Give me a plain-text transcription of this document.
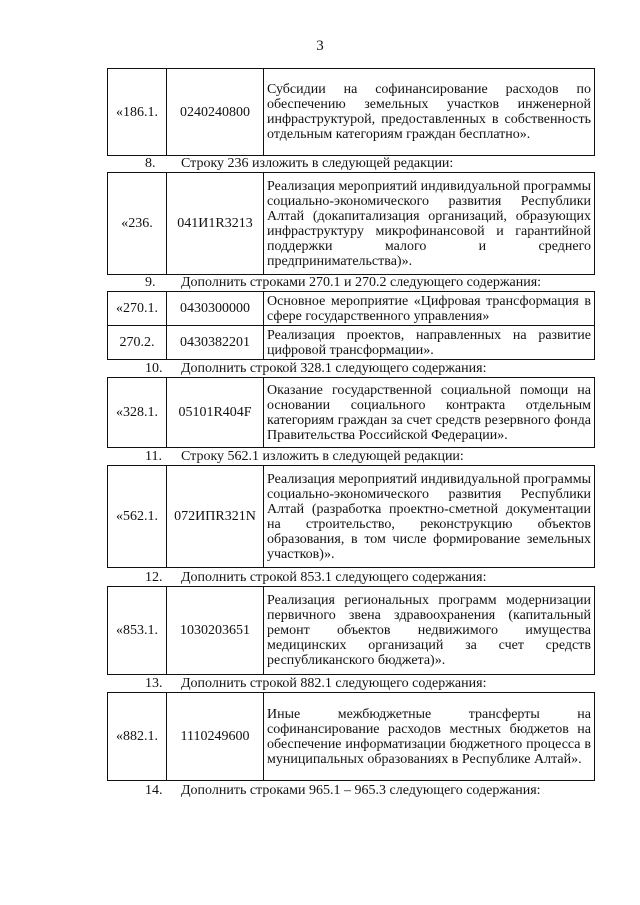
3
«186.1.	0240240800	Субсидии на софинансирование расходов по обеспечению земельных участков инженерной инфраструктурой, предоставленных в собственность отдельным категориям граждан бесплатно».
8. Строку 236 изложить в следующей редакции:
«236.	041И1R3213	Реализация мероприятий индивидуальной программы социально-экономического развития Республики Алтай (докапитализация организаций, образующих инфраструктуру микрофинансовой и гарантийной поддержки малого и среднего предпринимательства)».
9. Дополнить строками 270.1 и 270.2 следующего содержания:
«270.1.	0430300000	Основное мероприятие «Цифровая трансформация в сфере государственного управления»
270.2.	0430382201	Реализация проектов, направленных на развитие цифровой трансформации».
10. Дополнить строкой 328.1 следующего содержания:
«328.1.	05101R404F	Оказание государственной социальной помощи на основании социального контракта отдельным категориям граждан за счет средств резервного фонда Правительства Российской Федерации».
11. Строку 562.1 изложить в следующей редакции:
«562.1.	072ИПR321N	Реализация мероприятий индивидуальной программы социально-экономического развития Республики Алтай (разработка проектно-сметной документации на строительство, реконструкцию объектов образования, в том числе формирование земельных участков)».
12. Дополнить строкой 853.1 следующего содержания:
«853.1.	1030203651	Реализация региональных программ модернизации первичного звена здравоохранения (капитальный ремонт объектов недвижимого имущества медицинских организаций за счет средств республиканского бюджета)».
13. Дополнить строкой 882.1 следующего содержания:
«882.1.	1110249600	Иные межбюджетные трансферты на софинансирование расходов местных бюджетов на обеспечение информатизации бюджетного процесса в муниципальных образованиях в Республике Алтай».
14. Дополнить строками 965.1 – 965.3 следующего содержания:
